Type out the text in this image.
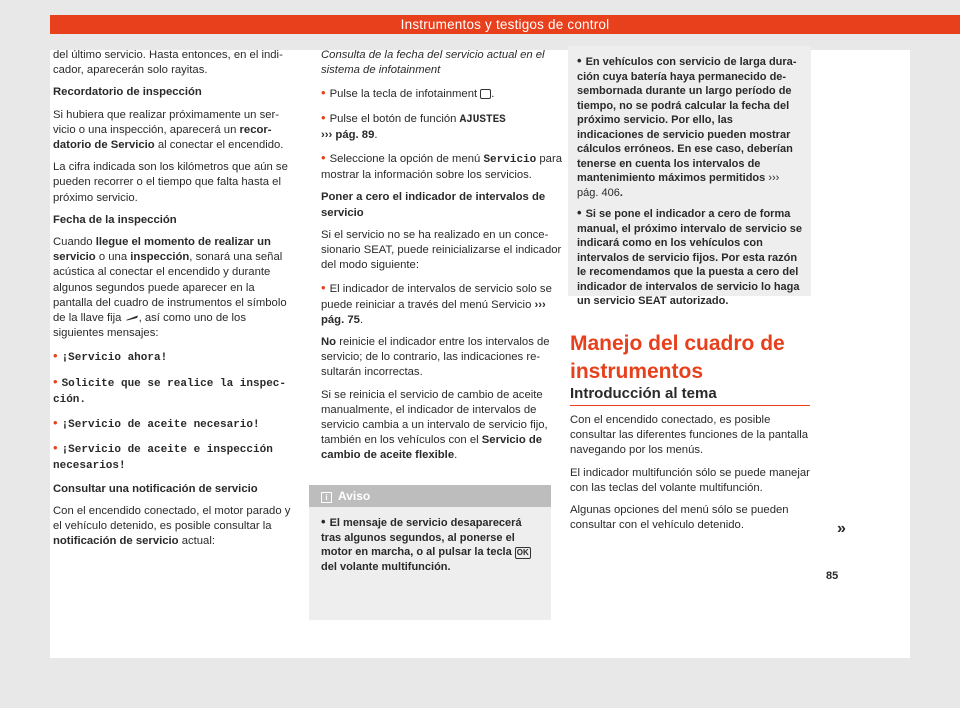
Instrumentos y testigos de control

del último servicio. Hasta entonces, en el indicador, aparecerán solo rayitas.

Recordatorio de inspección

Si hubiera que realizar próximamente un servicio o una inspección, aparecerá un recordatorio de Servicio al conectar el encendido.

La cifra indicada son los kilómetros que aún se pueden recorrer o el tiempo que falta hasta el próximo servicio.

Fecha de la inspección

Cuando llegue el momento de realizar un servicio o una inspección, sonará una señal acústica al conectar el encendido y durante algunos segundos puede aparecer en la pantalla del cuadro de instrumentos el símbolo de la llave fija , así como uno de los siguientes mensajes:

• ¡Servicio ahora!

• Solicite que se realice la inspección.

• ¡Servicio de aceite necesario!

• ¡Servicio de aceite e inspección necesarios!

Consultar una notificación de servicio

Con el encendido conectado, el motor parado y el vehículo detenido, es posible consultar la notificación de servicio actual:

Consulta de la fecha del servicio actual en el sistema de infotainment

• Pulse la tecla de infotainment .

• Pulse el botón de función AJUSTES
››› pág. 89.

• Seleccione la opción de menú Servicio para mostrar la información sobre los servicios.

Poner a cero el indicador de intervalos de servicio

Si el servicio no se ha realizado en un concesionario SEAT, puede reinicializarse el indicador del modo siguiente:

• El indicador de intervalos de servicio solo se puede reiniciar a través del menú Servicio ››› pág. 75.

No reinicie el indicador entre los intervalos de servicio; de lo contrario, las indicaciones resultarán incorrectas.

Si se reinicia el servicio de cambio de aceite manualmente, el indicador de intervalos de servicio cambia a un intervalo de servicio fijo, también en los vehículos con el Servicio de cambio de aceite flexible.

i Aviso
• El mensaje de servicio desaparecerá tras algunos segundos, al ponerse el motor en marcha, o al pulsar la tecla OK del volante multifunción.

• En vehículos con servicio de larga duración cuya batería haya permanecido desembornada durante un largo período de tiempo, no se podrá calcular la fecha del próximo servicio. Por ello, las indicaciones de servicio pueden mostrar cálculos erróneos. En ese caso, deberían tenerse en cuenta los intervalos de mantenimiento máximos permitidos ››› pág. 406.

• Si se pone el indicador a cero de forma manual, el próximo intervalo de servicio se indicará como en los vehículos con intervalos de servicio fijos. Por esta razón le recomendamos que la puesta a cero del indicador de intervalos de servicio lo haga un servicio SEAT autorizado.

Manejo del cuadro de instrumentos
Introducción al tema

Con el encendido conectado, es posible consultar las diferentes funciones de la pantalla navegando por los menús.

El indicador multifunción sólo se puede manejar con las teclas del volante multifunción.

Algunas opciones del menú sólo se pueden consultar con el vehículo detenido.	»
85
